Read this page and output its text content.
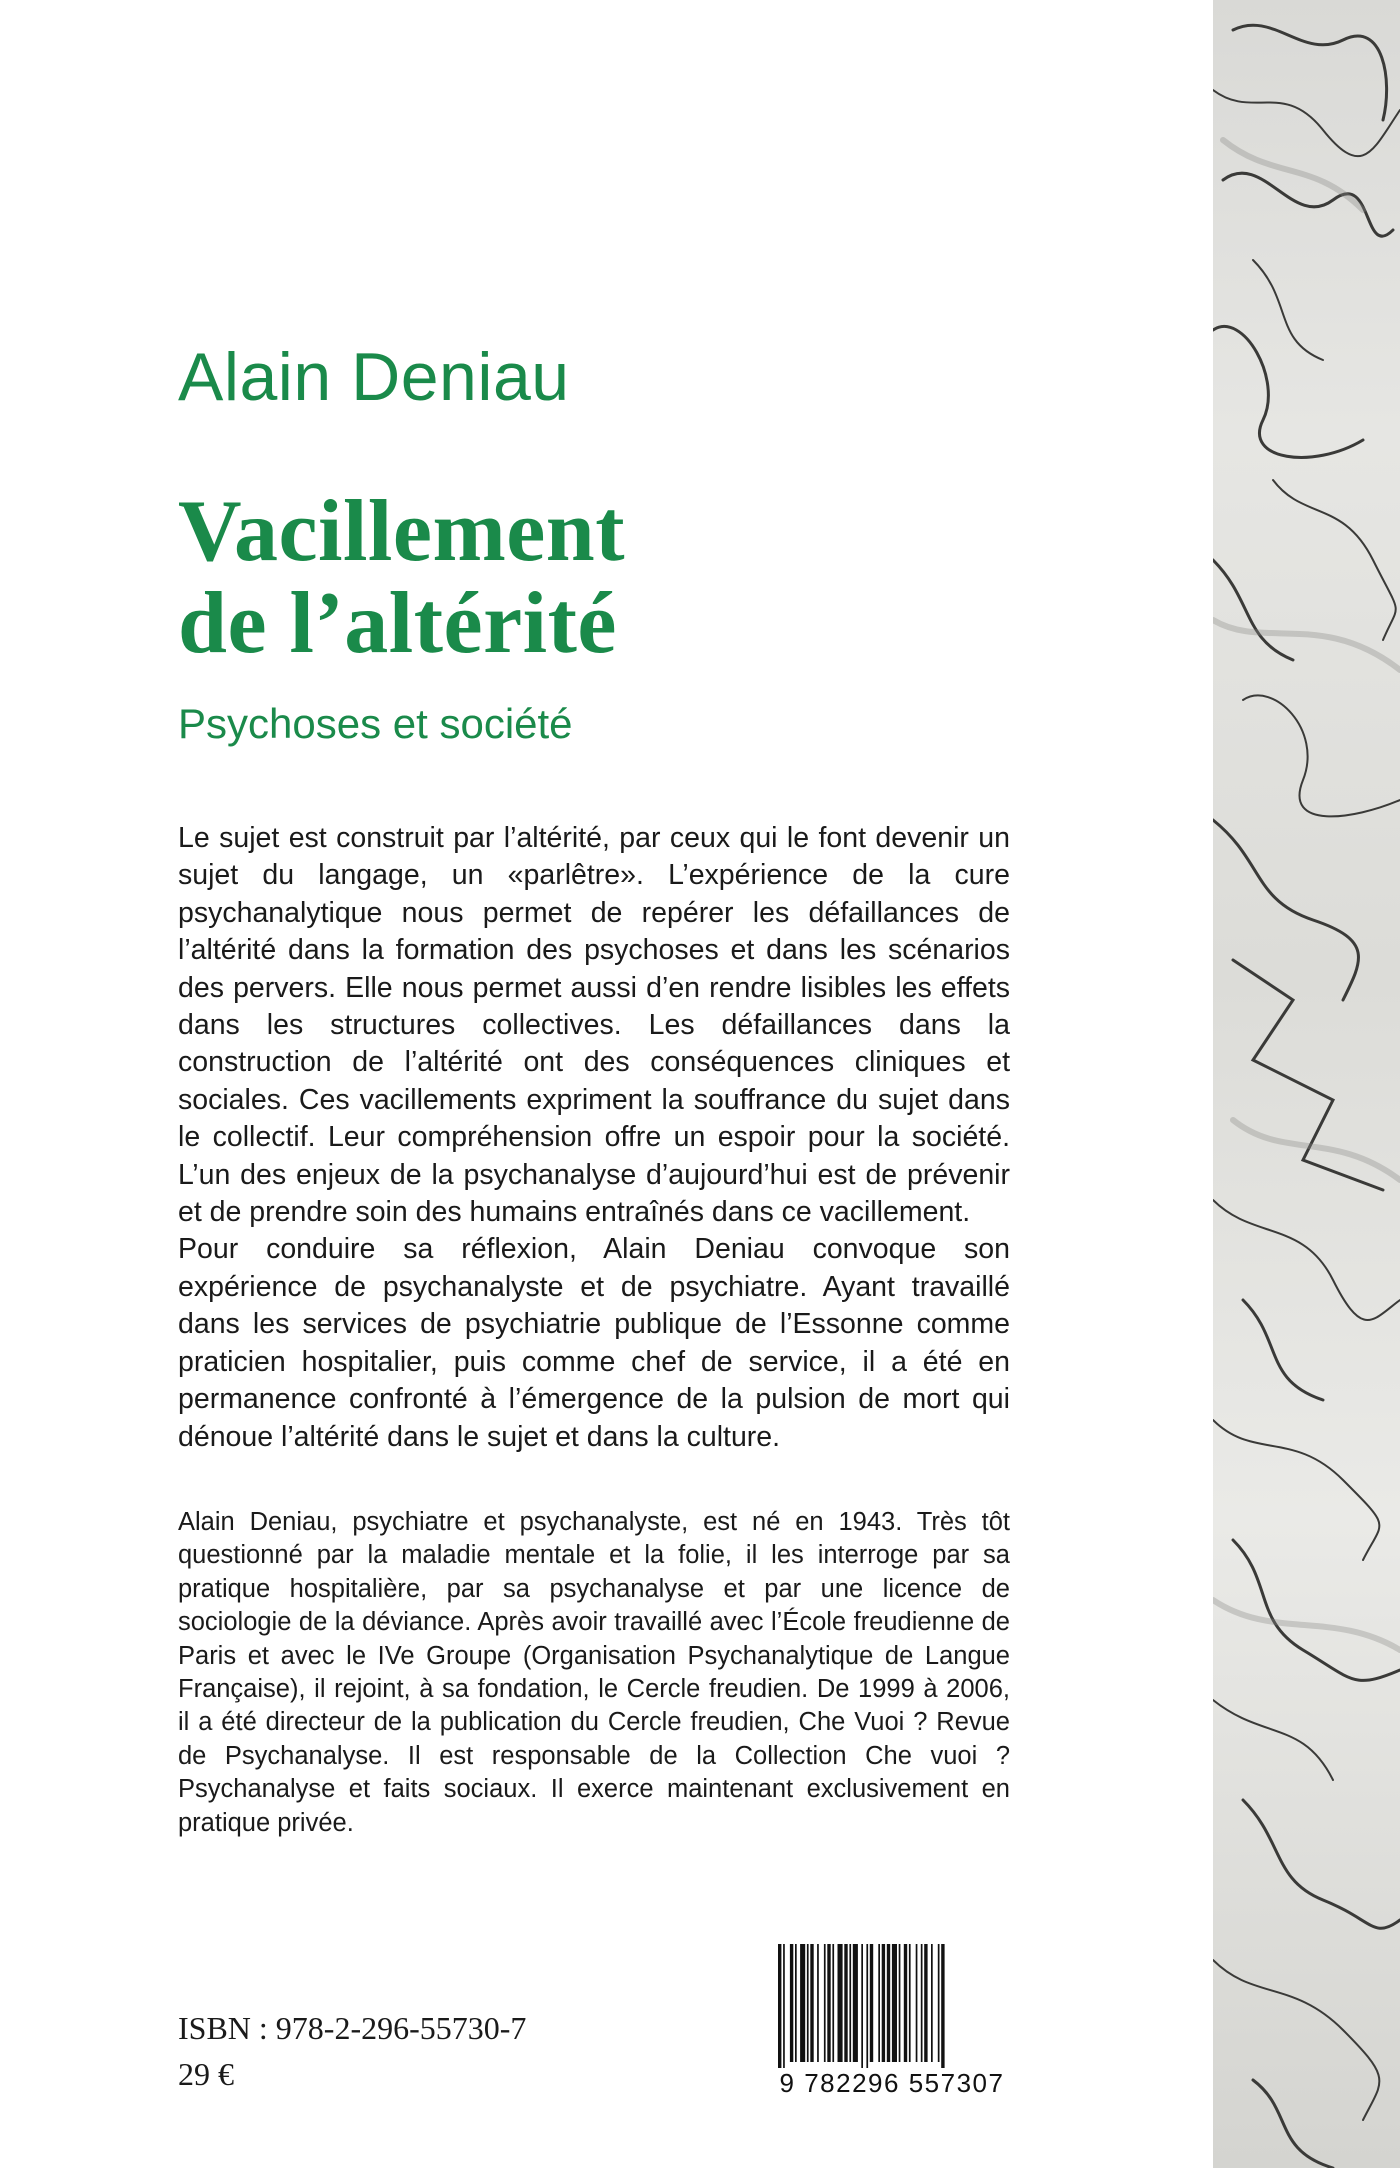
Alain Deniau
Vacillement
de l’altérité
Psychoses et société

Le sujet est construit par l’altérité, par ceux qui le font devenir un sujet du langage, un «parlêtre». L’expérience de la cure psychanalytique nous permet de repérer les défaillances de l’altérité dans la formation des psychoses et dans les scénarios des pervers. Elle nous permet aussi d’en rendre lisibles les effets dans les structures collectives. Les défaillances dans la construction de l’altérité ont des conséquences cliniques et sociales. Ces vacillements expriment la souffrance du sujet dans le collectif. Leur compréhension offre un espoir pour la société. L’un des enjeux de la psychanalyse d’aujourd’hui est de prévenir et de prendre soin des humains entraînés dans ce vacillement.

Pour conduire sa réflexion, Alain Deniau convoque son expérience de psychanalyste et de psychiatre. Ayant travaillé dans les services de psychiatrie publique de l’Essonne comme praticien hospitalier, puis comme chef de service, il a été en permanence confronté à l’émergence de la pulsion de mort qui dénoue l’altérité dans le sujet et dans la culture.

Alain Deniau, psychiatre et psychanalyste, est né en 1943. Très tôt questionné par la maladie mentale et la folie, il les interroge par sa pratique hospitalière, par sa psychanalyse et par une licence de sociologie de la déviance. Après avoir travaillé avec l’École freudienne de Paris et avec le IVe Groupe (Organisation Psychanalytique de Langue Française), il rejoint, à sa fondation, le Cercle freudien. De 1999 à 2006, il a été directeur de la publication du Cercle freudien, Che Vuoi ? Revue de Psychanalyse. Il est responsable de la Collection Che vuoi ? Psychanalyse et faits sociaux. Il exerce maintenant exclusivement en pratique privée.

ISBN : 978-2-296-55730-7
29 €	9 782296 557307
